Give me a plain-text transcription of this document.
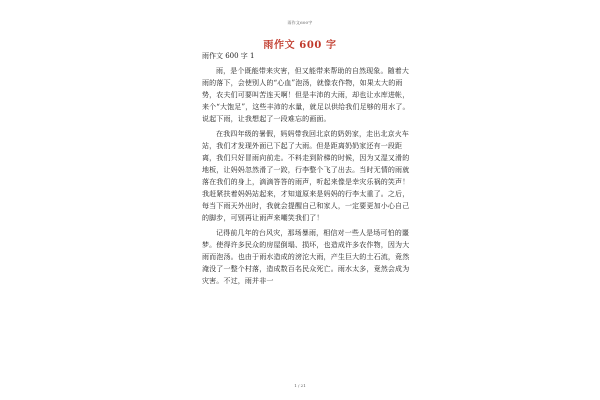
雨作文600字
雨作文 600 字

雨作文 600 字 1

雨，是个既能带来灾害，但又能带来帮助的自然现象。随着大雨的落下，会使别人的“心血”泡汤，就像农作物，如果太大的雨势，农夫们可要叫苦连天啊！但是丰沛的大雨，却也让水库进帐，来个“大饱足”，这些丰沛的水量，就足以供给我们足够的用水了。说起下雨，让我想起了一段难忘的画面。

在我四年级的暑假，妈妈带我回北京的奶奶家，走出北京火车站，我们才发现外面已下起了大雨。但是距离奶奶家还有一段距离，我们只好冒雨向前走。不料走到阶梯的时候，因为又湿又滑的地板，让妈妈忽然滑了一跤，行李整个飞了出去。当时无情的雨就落在我们的身上，滴滴答答的雨声，听起来像是幸灾乐祸的笑声！我赶紧扶着妈妈站起来，才知道原来是妈妈的行李太重了。之后，每当下雨天外出时，我就会提醒自己和家人，一定要更加小心自己的脚步，可别再让雨声来嘲笑我们了！

记得前几年的台风灾，那场暴雨，相信对一些人是场可怕的噩梦。使得许多民众的房屋倒塌、损坏，也造成许多农作物，因为大雨而泡汤。也由于雨水造成的滂沱大雨，产生巨大的土石流，竟然淹没了一整个村落，造成数百名民众死亡。雨水太多，竟然会成为灾害。不过，雨并非一

1 / 21
